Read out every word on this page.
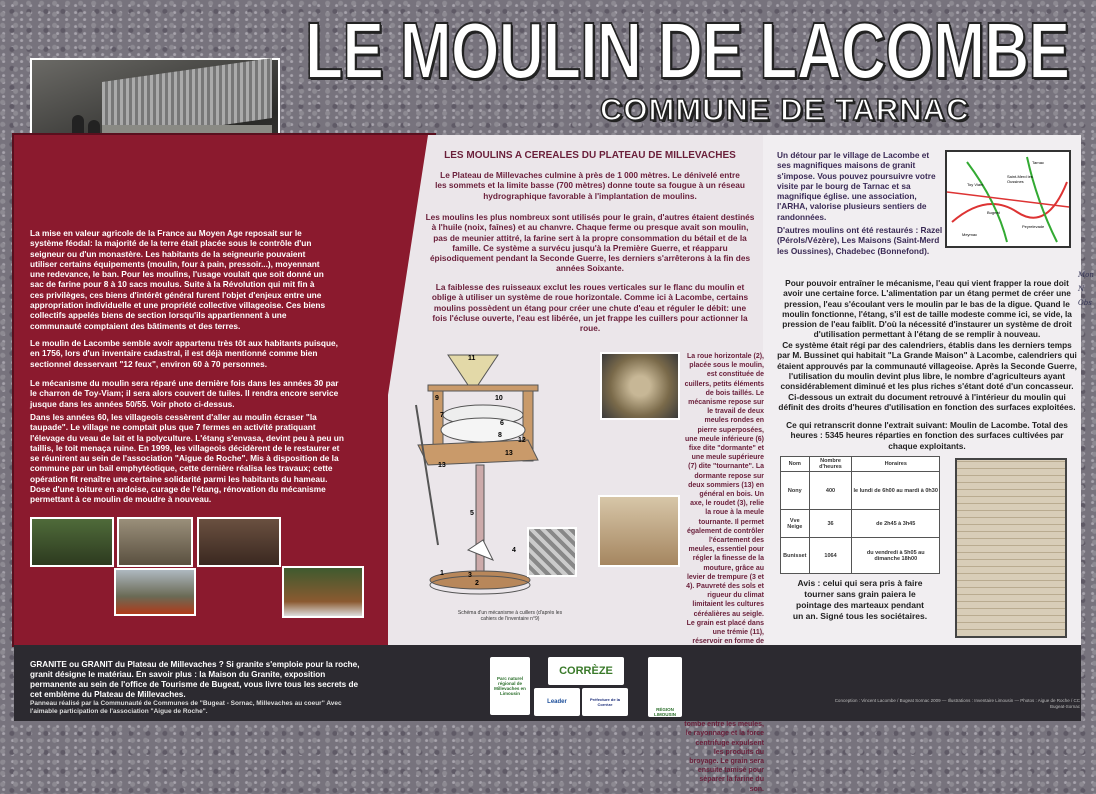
LE MOULIN DE LACOMBE
COMMUNE DE TARNAC
La mise en valeur agricole de la France au Moyen Age reposait sur le système féodal: la majorité de la terre était placée sous le contrôle d'un seigneur ou d'un monastère. Les habitants de la seigneurie pouvaient utiliser certains équipements (moulin, four à pain, pressoir...), moyennant une redevance, le ban. Pour les moulins, l'usage voulait que soit donné un sac de farine pour 8 à 10 sacs moulus. Suite à la Révolution qui mit fin à ces privilèges, ces biens d'intérêt général furent l'objet d'enjeux entre une appropriation individuelle et une propriété collective villageoise. Ces biens collectifs appelés biens de section lorsqu'ils appartiennent à une communauté comptaient des bâtiments et des terres.
Le moulin de Lacombe semble avoir appartenu très tôt aux habitants puisque, en 1756, lors d'un inventaire cadastral, il est déjà mentionné comme bien sectionnel desservant "12 feux", environ 60 à 70 personnes.
Le mécanisme du moulin sera réparé une dernière fois dans les années 30 par le charron de Toy-Viam; il sera alors couvert de tuiles. Il rendra encore service jusque dans les années 50/55. Voir photo ci-dessus.
Dans les années 60, les villageois cessèrent d'aller au moulin écraser "la taupade". Le village ne comptait plus que 7 fermes en activité pratiquant l'élevage du veau de lait et la polyculture. L'étang s'envasa, devint peu à peu un taillis, le toit menaça ruine. En 1999, les villageois décidèrent de le restaurer et se réunirent au sein de l'association "Aigue de Roche". Mis à disposition de la commune par un bail emphytéotique, cette dernière réalisa les travaux; cette opération fit renaître une certaine solidarité parmi les habitants du hameau. Dose d'une toiture en ardoise, curage de l'étang, rénovation du mécanisme permettant à ce moulin de moudre à nouveau.
LES MOULINS A CEREALES DU PLATEAU DE MILLEVACHES
Le Plateau de Millevaches culmine à près de 1 000 mètres. Le dénivelé entre les sommets et la limite basse (700 mètres) donne toute sa fougue à un réseau hydrographique favorable à l'implantation de moulins.
Les moulins les plus nombreux sont utilisés pour le grain, d'autres étaient destinés à l'huile (noix, faînes) et au chanvre. Chaque ferme ou presque avait son moulin, pas de meunier attitré, la farine sert à la propre consommation du bétail et de la famille. Ce système a survécu jusqu'à la Première Guerre, et réapparu épisodiquement pendant la Seconde Guerre, les derniers s'arrêterons à la fin des années Soixante.
La faiblesse des ruisseaux exclut les roues verticales sur le flanc du moulin et oblige à utiliser un système de roue horizontale. Comme ici à Lacombe, certains moulins possèdent un étang pour créer une chute d'eau et réguler le débit: une fois l'écluse ouverte, l'eau est libérée, un jet frappe les cuillers pour actionner la roue.
11
9	10
7
6
8
12
13
13
5
4
3
1
2
Schéma d'un mécanisme à cuillers (d'après les cahiers de l'inventaire n°9)
La roue horizontale (2), placée sous le moulin, est constituée de cuillers, petits éléments de bois taillés. Le mécanisme repose sur le travail de deux meules rondes en pierre superposées, une meule inférieure (6) fixe dite "dormante" et une meule supérieure (7) dite "tournante". La dormante repose sur deux sommiers (13) en général en bois. Un axe, le roudet (3), relie la roue à la meule tournante. Il permet également de contrôler l'écartement des meules, essentiel pour régler la finesse de la mouture, grâce au levier de trempure (3 et 4). Pauvreté des sols et rigueur du climat limitaient les cultures céréalières au seigle. Le grain est placé dans une trémie (11), réservoir en forme de tombe entre les meules, le rayonnage et la force centrifuge expulsent les produits du broyage. Le grain sera ensuite tamisé pour séparer la farine du son.
Un détour par le village de Lacombe et ses magnifiques maisons de granit s'impose. Vous pouvez poursuivre votre visite par le bourg de Tarnac et sa magnifique église. une association, l'ARHA, valorise plusieurs sentiers de randonnées.
D'autres moulins ont été restaurés : Razel (Pérols/Vézère), Les Maisons (Saint-Merd les Oussines), Chadebec (Bonnefond).
Saint-Merd les Oussines
Tarnac
Toy Viam
Bugeat
Peyrelevade
Meymac
Pour pouvoir entraîner le mécanisme, l'eau qui vient frapper la roue doit avoir une certaine force. L'alimentation par un étang permet de créer une pression, l'eau s'écoulant vers le moulin par le bas de la digue. Quand le moulin fonctionne, l'étang, s'il est de taille modeste comme ici, se vide, la pression de l'eau faiblit. D'où la nécessité d'instaurer un système de droit d'utilisation permettant à l'étang de se remplir à nouveau.
Ce système était régi par des calendriers, établis dans les derniers temps par M. Bussinet qui habitait "La Grande Maison" à Lacombe, calendriers qui étaient approuvés par la communauté villageoise. Après la Seconde Guerre, l'utilisation du moulin devint plus libre, le nombre d'agriculteurs ayant considérablement diminué et les plus riches s'étant doté d'un concasseur.
Ci-dessous un extrait du document retrouvé à l'intérieur du moulin qui définit des droits d'heures d'utilisation en fonction des surfaces exploitées.
Ce qui retranscrit donne l'extrait suivant: Moulin de Lacombe. Total des heures : 5345 heures réparties en fonction des surfaces cultivées par chaque exploitants.
Nom	Nombre d'heures	Horaires
Nony	400	le lundi de 6h00 au mardi à 0h30
Vve Neige	36	de 2h45 à 3h45
Bunisset	1064	du vendredi à 5h05 au dimanche 18h00
Avis : celui qui sera pris à faire tourner sans grain paiera le pointage des marteaux pendant un an. Signé tous les sociétaires.
Mon N Obs
GRANITE ou GRANIT du Plateau de Millevaches ? Si granite s'emploie pour la roche, granit désigne le matériau. En savoir plus : la Maison du Granite, exposition permanente au sein de l'office de Tourisme de Bugeat, vous livre tous les secrets de cet emblème du Plateau de Millevaches.
Panneau réalisé par la Communauté de Communes de "Bugeat - Sornac, Millevaches au coeur" Avec l'aimable participation de l'association "Aigue de Roche".
Parc naturel régional de Millevaches en Limousin
CORRÈZE
Leader	Préfecture de la Corrèze
RÉGION LIMOUSIN
Conception : Vincent Lacombe / Bugeat Sornac 2009 — Illustrations : Inventaire Limousin — Photos : Aigue de Roche / CC Bugeat-Sornac
